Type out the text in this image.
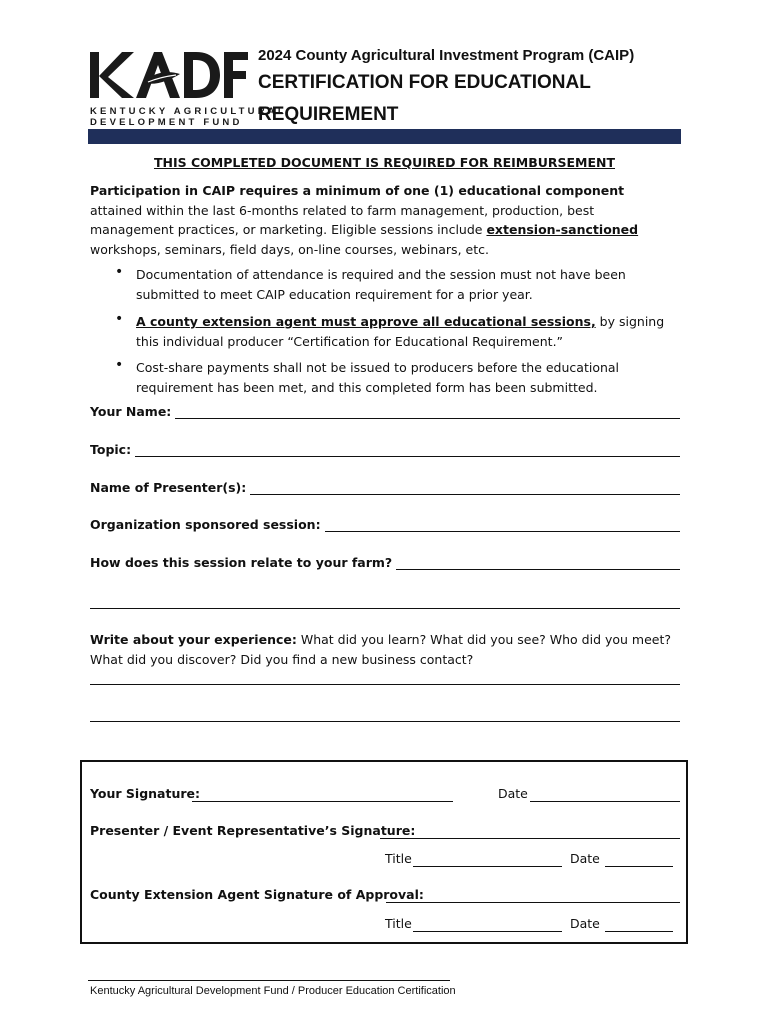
KENTUCKY AGRICULTURAL
DEVELOPMENT FUND
2024 County Agricultural Investment Program (CAIP)
CERTIFICATION FOR EDUCATIONAL
REQUIREMENT
THIS COMPLETED DOCUMENT IS REQUIRED FOR REIMBURSEMENT
Participation in CAIP requires a minimum of one (1) educational component attained within the last 6-months related to farm management, production, best management practices, or marketing. Eligible sessions include extension-sanctioned workshops, seminars, field days, on-line courses, webinars, etc.
• Documentation of attendance is required and the session must not have been submitted to meet CAIP education requirement for a prior year.
• A county extension agent must approve all educational sessions, by signing this individual producer “Certification for Educational Requirement.”
• Cost-share payments shall not be issued to producers before the educational requirement has been met, and this completed form has been submitted.
Your Name:
Topic:
Name of Presenter(s):
Organization sponsored session:
How does this session relate to your farm?
Write about your experience: What did you learn? What did you see? Who did you meet? What did you discover? Did you find a new business contact?
Your Signature:	Date
Presenter / Event Representative’s Signature:
Title	Date
County Extension Agent Signature of Approval:
Title	Date
Kentucky Agricultural Development Fund / Producer Education Certification
